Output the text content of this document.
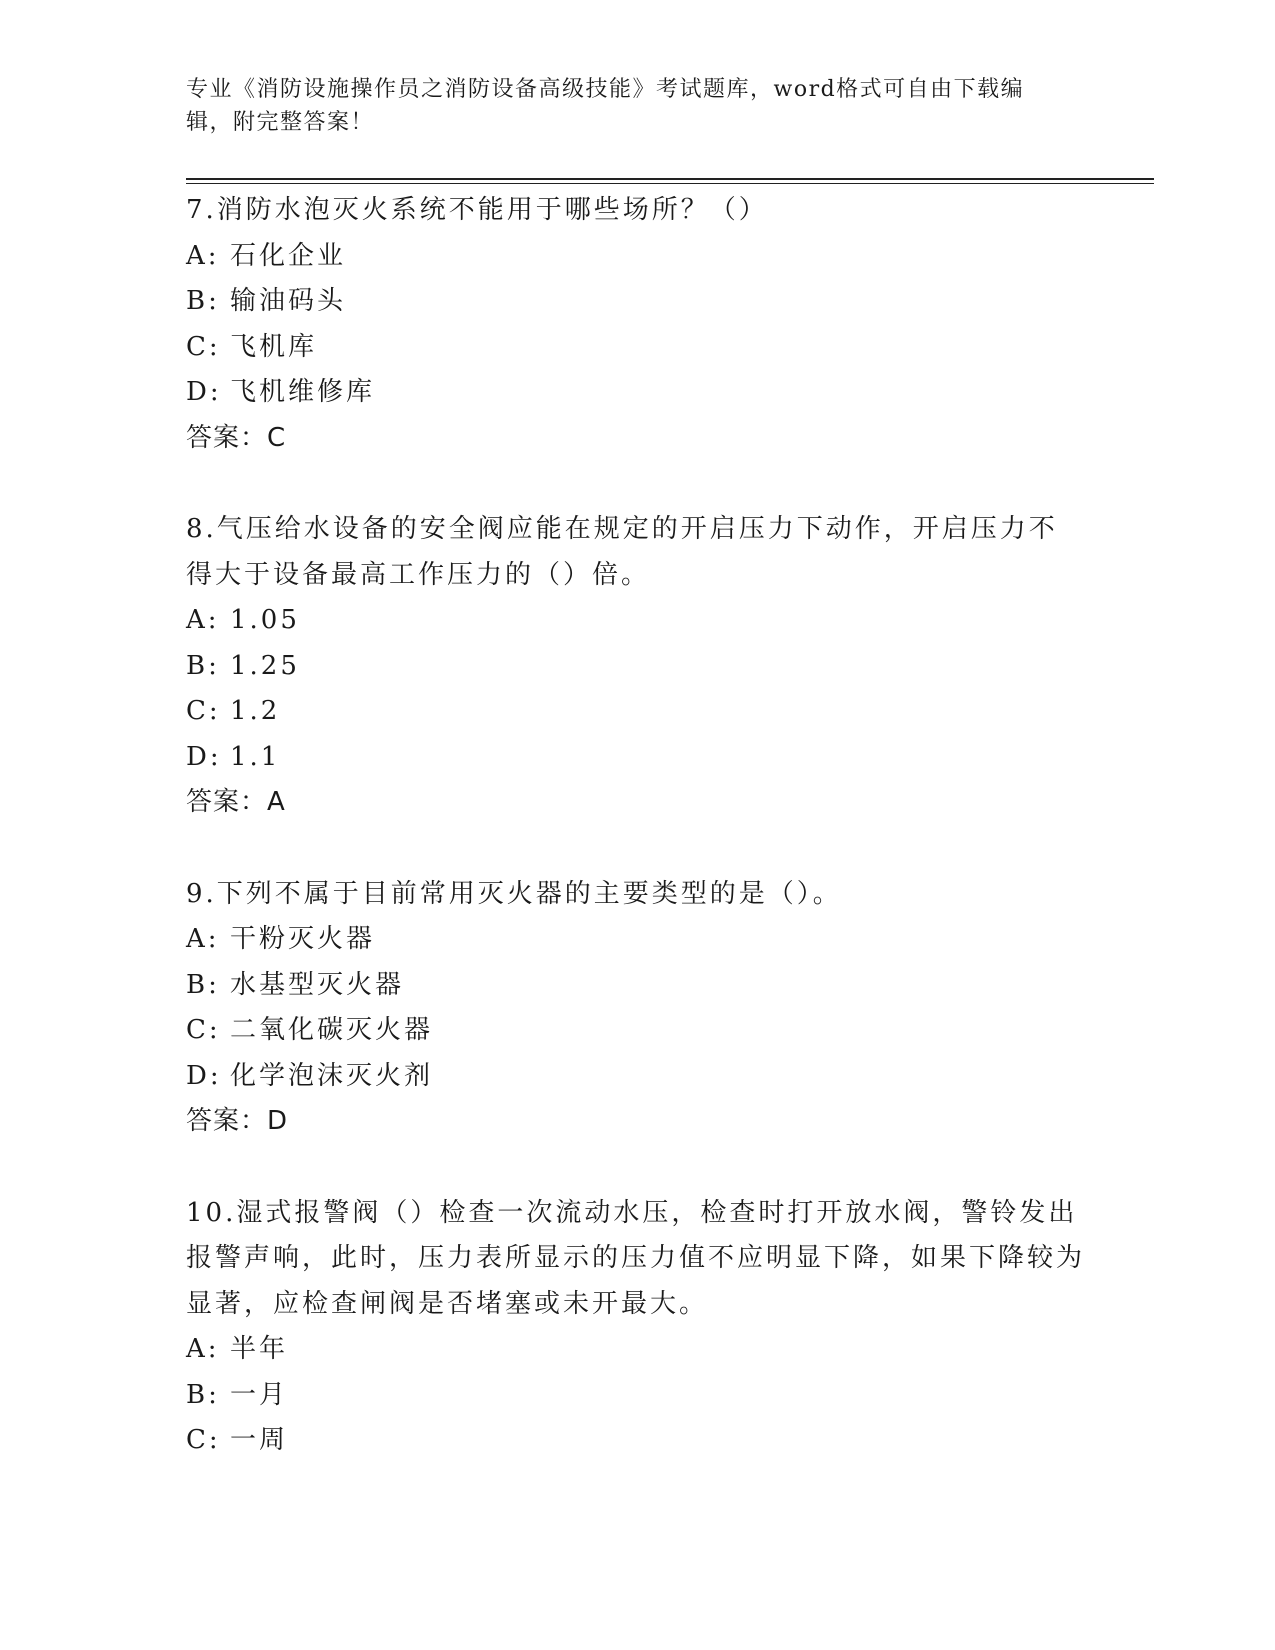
专业《消防设施操作员之消防设备高级技能》考试题库，word格式可自由下载编辑，附完整答案！

7.消防水泡灭火系统不能用于哪些场所？（）

A: 石化企业

B: 输油码头

C: 飞机库

D: 飞机维修库

答案：C

8.气压给水设备的安全阀应能在规定的开启压力下动作，开启压力不得大于设备最高工作压力的（）倍。

A: 1.05

B: 1.25

C: 1.2

D: 1.1

答案：A

9.下列不属于目前常用灭火器的主要类型的是（）。

A: 干粉灭火器

B: 水基型灭火器

C: 二氧化碳灭火器

D: 化学泡沫灭火剂

答案：D

10.湿式报警阀（）检查一次流动水压，检查时打开放水阀，警铃发出报警声响，此时，压力表所显示的压力值不应明显下降，如果下降较为显著，应检查闸阀是否堵塞或未开最大。

A: 半年

B: 一月

C: 一周
